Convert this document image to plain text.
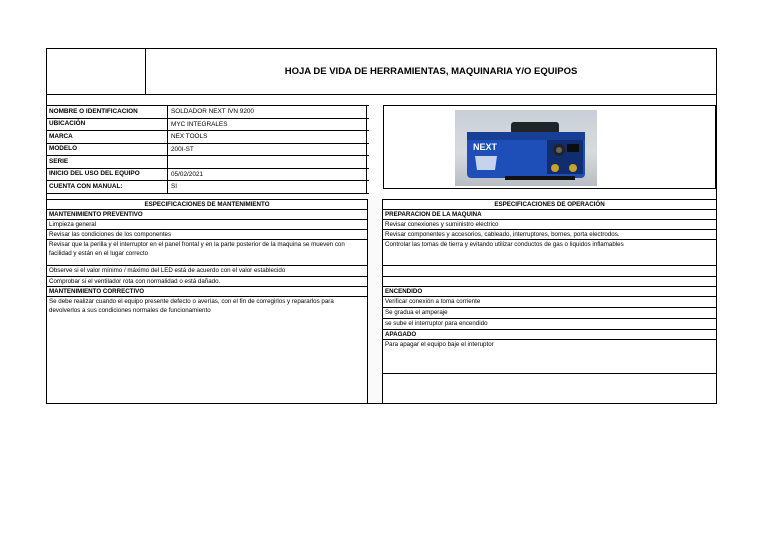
HOJA DE VIDA DE HERRAMIENTAS, MAQUINARIA Y/O EQUIPOS
NOMBRE O IDENTIFICACION	SOLDADOR NEXT IVN 9200
UBICACIÓN	MYC INTEGRALES
MARCA	NEX TOOLS
MODELO	200I-ST
SERIE
INICIO DEL USO DEL EQUIPO	05/02/2021
CUENTA CON MANUAL:	SI
NEXT
ESPECIFICACIONES DE MANTENIMIENTO
MANTENIMIENTO PREVENTIVO
Limpieza general
Revisar las condiciones de los componentes
Revisar que la perilla y el interruptor en el panel frontal y en la parte posterior de la maquina se mueven con facilidad y están en el lugar correcto
Observe si el valor mínimo / máximo del LED está de acuerdo con el valor establecido
Comprobar si el ventilador rota con normalidad o está dañado.
MANTENIMIENTO CORRECTIVO
Se debe realizar cuando el equipo presente defecto o averías, con el fin de corregirlos y repararlos para devolverlos a sus condiciones normales de funcionamiento
ESPECIFICACIONES DE OPERACIÓN
PREPARACION DE LA MAQUINA
Revisar conexiones y suministro electrico
Revisar componentes y accesorios, cableado, interruptores, bornes, porta electrodos.
Controlar las tomas de tierra y evitando utilizar conductos de gas o liquidos inflamables
ENCENDIDO
Verificar conexión a toma corriente
Se gradua el amperaje
se sube el interruptor para encendido
APAGADO
Para apagar el equipo baje el interuptor
